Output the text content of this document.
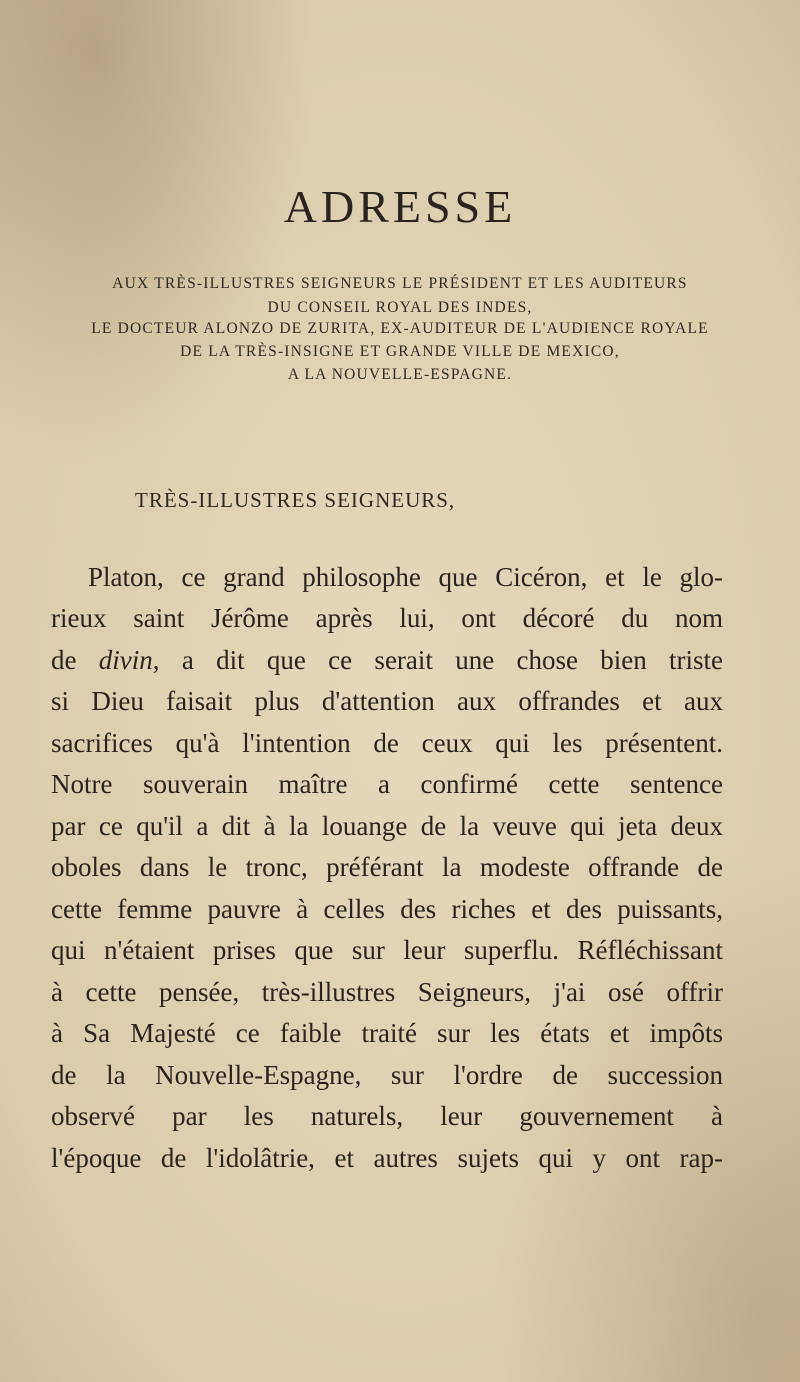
ADRESSE

AUX TRÈS-ILLUSTRES SEIGNEURS LE PRÉSIDENT ET LES AUDITEURS

DU CONSEIL ROYAL DES INDES,

LE DOCTEUR ALONZO DE ZURITA, EX-AUDITEUR DE L'AUDIENCE ROYALE

DE LA TRÈS-INSIGNE ET GRANDE VILLE DE MEXICO,

A LA NOUVELLE-ESPAGNE.

TRÈS-ILLUSTRES SEIGNEURS,

Platon, ce grand philosophe que Cicéron, et le glo-

rieux saint Jérôme après lui, ont décoré du nom

de divin, a dit que ce serait une chose bien triste

si Dieu faisait plus d'attention aux offrandes et aux

sacrifices qu'à l'intention de ceux qui les présentent.

Notre souverain maître a confirmé cette sentence

par ce qu'il a dit à la louange de la veuve qui jeta deux

oboles dans le tronc, préférant la modeste offrande de

cette femme pauvre à celles des riches et des puissants,

qui n'étaient prises que sur leur superflu. Réfléchissant

à cette pensée, très-illustres Seigneurs, j'ai osé offrir

à Sa Majesté ce faible traité sur les états et impôts

de la Nouvelle-Espagne, sur l'ordre de succession

observé par les naturels, leur gouvernement à

l'époque de l'idolâtrie, et autres sujets qui y ont rap-
